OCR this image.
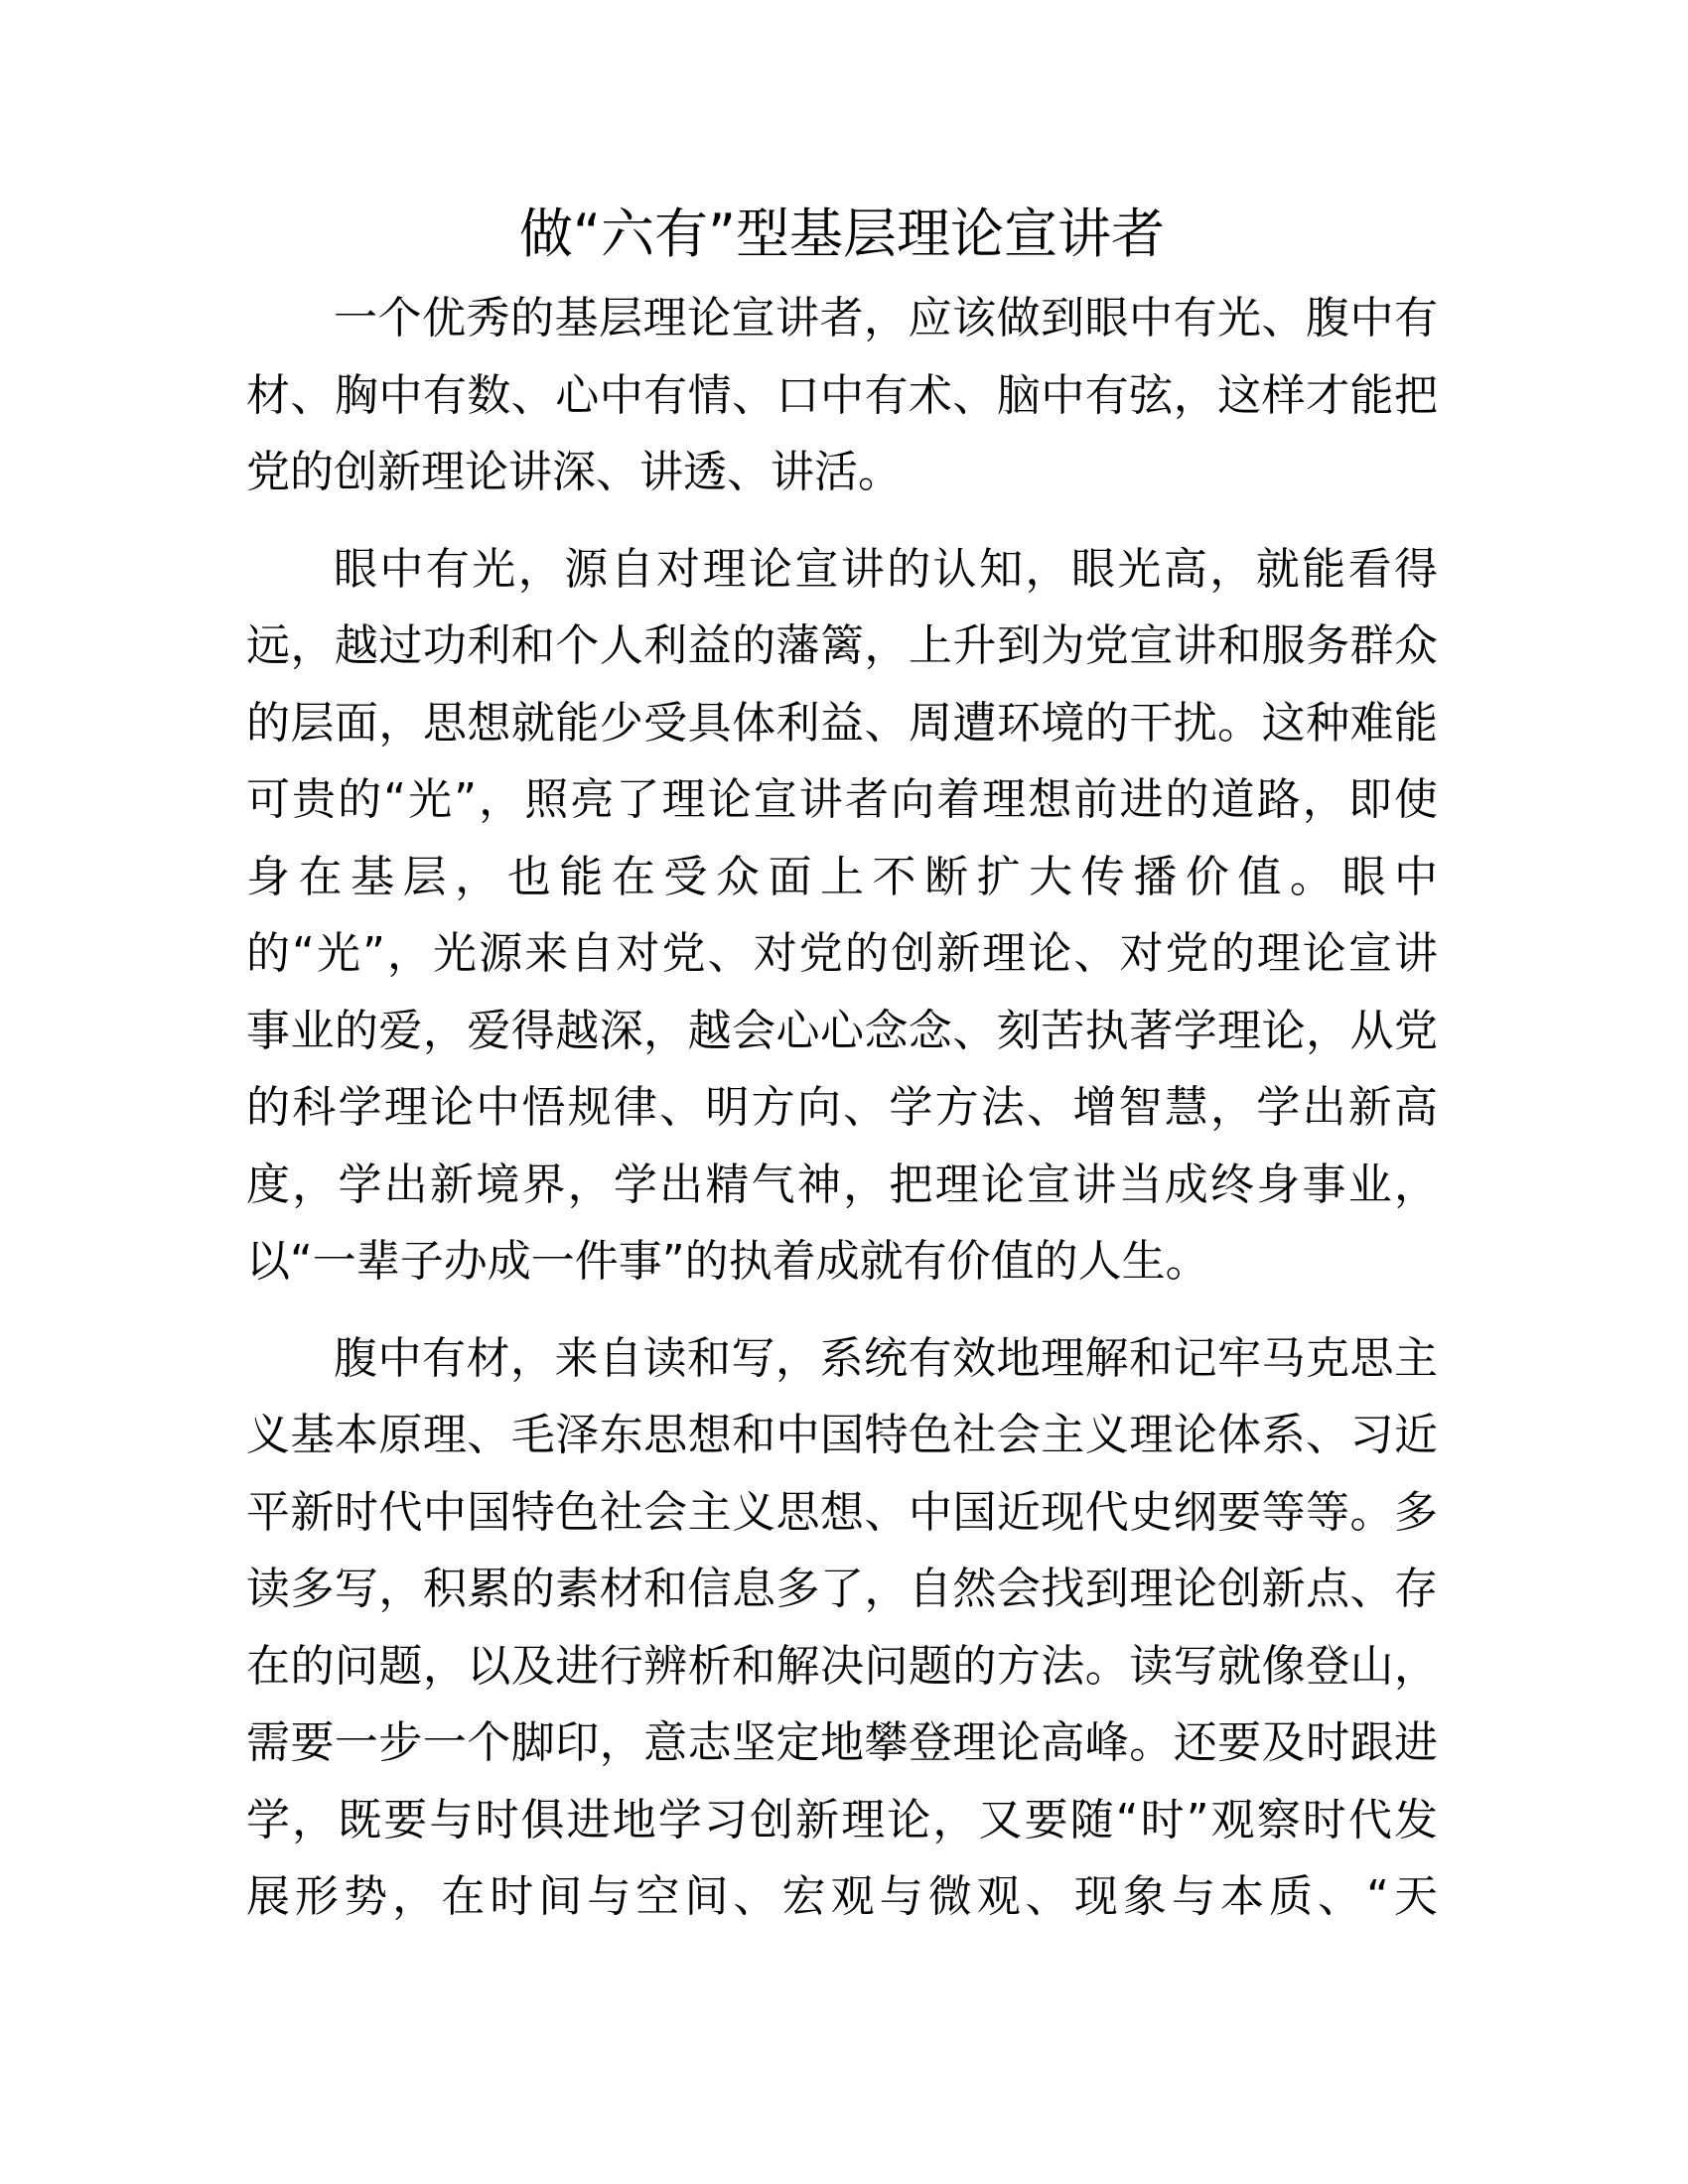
做“六有”型基层理论宣讲者
一个优秀的基层理论宣讲者，应该做到眼中有光、腹中有
材、胸中有数、心中有情、口中有术、脑中有弦，这样才能把
党的创新理论讲深、讲透、讲活。
眼中有光，源自对理论宣讲的认知，眼光高，就能看得
远，越过功利和个人利益的藩篱，上升到为党宣讲和服务群众
的层面，思想就能少受具体利益、周遭环境的干扰。这种难能
可贵的“光”，照亮了理论宣讲者向着理想前进的道路，即使
身在基层，也能在受众面上不断扩大传播价值。眼中
的“光”，光源来自对党、对党的创新理论、对党的理论宣讲
事业的爱，爱得越深，越会心心念念、刻苦执著学理论，从党
的科学理论中悟规律、明方向、学方法、增智慧，学出新高
度，学出新境界，学出精气神，把理论宣讲当成终身事业，
以“一辈子办成一件事”的执着成就有价值的人生。
腹中有材，来自读和写，系统有效地理解和记牢马克思主
义基本原理、毛泽东思想和中国特色社会主义理论体系、习近
平新时代中国特色社会主义思想、中国近现代史纲要等等。多
读多写，积累的素材和信息多了，自然会找到理论创新点、存
在的问题，以及进行辨析和解决问题的方法。读写就像登山，
需要一步一个脚印，意志坚定地攀登理论高峰。还要及时跟进
学，既要与时俱进地学习创新理论，又要随“时”观察时代发
展形势，在时间与空间、宏观与微观、现象与本质、“天
